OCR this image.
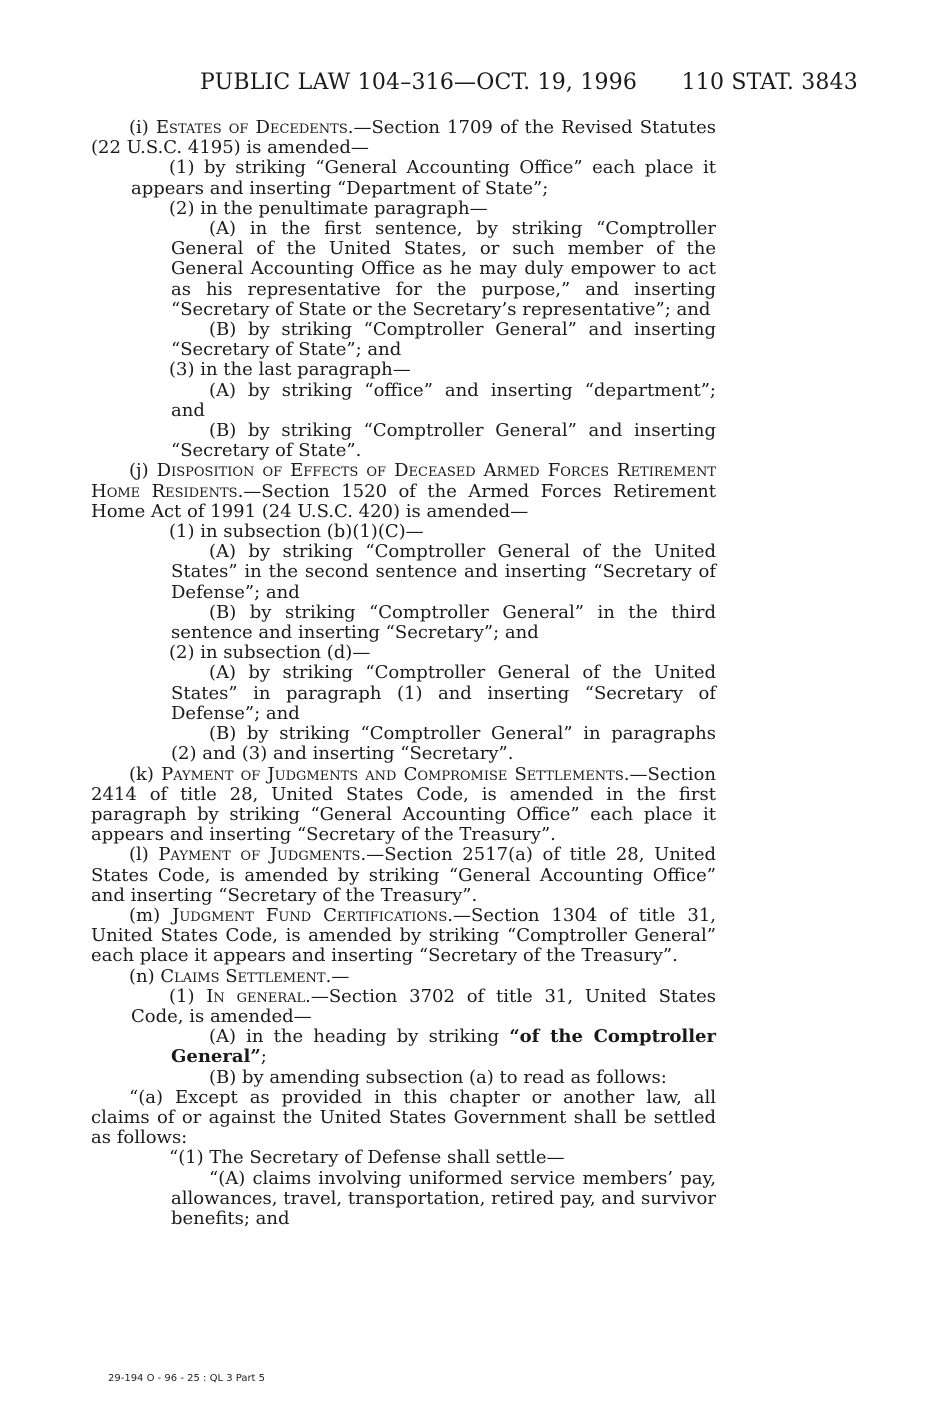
PUBLIC LAW 104–316—OCT. 19, 1996 110 STAT. 3843

(i) Estates of Decedents.—Section 1709 of the Revised Statutes (22 U.S.C. 4195) is amended—

(1) by striking “General Accounting Office” each place it appears and inserting “Department of State”;

(2) in the penultimate paragraph—

(A) in the first sentence, by striking “Comptroller General of the United States, or such member of the General Accounting Office as he may duly empower to act as his representative for the purpose,” and inserting “Secretary of State or the Secretary’s representative”; and

(B) by striking “Comptroller General” and inserting “Secretary of State”; and

(3) in the last paragraph—

(A) by striking “office” and inserting “department”; and

(B) by striking “Comptroller General” and inserting “Secretary of State”.

(j) Disposition of Effects of Deceased Armed Forces Retirement Home Residents.—Section 1520 of the Armed Forces Retirement Home Act of 1991 (24 U.S.C. 420) is amended—

(1) in subsection (b)(1)(C)—

(A) by striking “Comptroller General of the United States” in the second sentence and inserting “Secretary of Defense”; and

(B) by striking “Comptroller General” in the third sentence and inserting “Secretary”; and

(2) in subsection (d)—

(A) by striking “Comptroller General of the United States” in paragraph (1) and inserting “Secretary of Defense”; and

(B) by striking “Comptroller General” in paragraphs (2) and (3) and inserting “Secretary”.

(k) Payment of Judgments and Compromise Settlements.—Section 2414 of title 28, United States Code, is amended in the first paragraph by striking “General Accounting Office” each place it appears and inserting “Secretary of the Treasury”.

(l) Payment of Judgments.—Section 2517(a) of title 28, United States Code, is amended by striking “General Accounting Office” and inserting “Secretary of the Treasury”.

(m) Judgment Fund Certifications.—Section 1304 of title 31, United States Code, is amended by striking “Comptroller General” each place it appears and inserting “Secretary of the Treasury”.

(n) Claims Settlement.—

(1) In general.—Section 3702 of title 31, United States Code, is amended—

(A) in the heading by striking “of the Comptroller General”;

(B) by amending subsection (a) to read as follows:

“(a) Except as provided in this chapter or another law, all claims of or against the United States Government shall be settled as follows:

“(1) The Secretary of Defense shall settle—

“(A) claims involving uniformed service members’ pay, allowances, travel, transportation, retired pay, and survivor benefits; and

29-194 O - 96 - 25 : QL 3 Part 5
